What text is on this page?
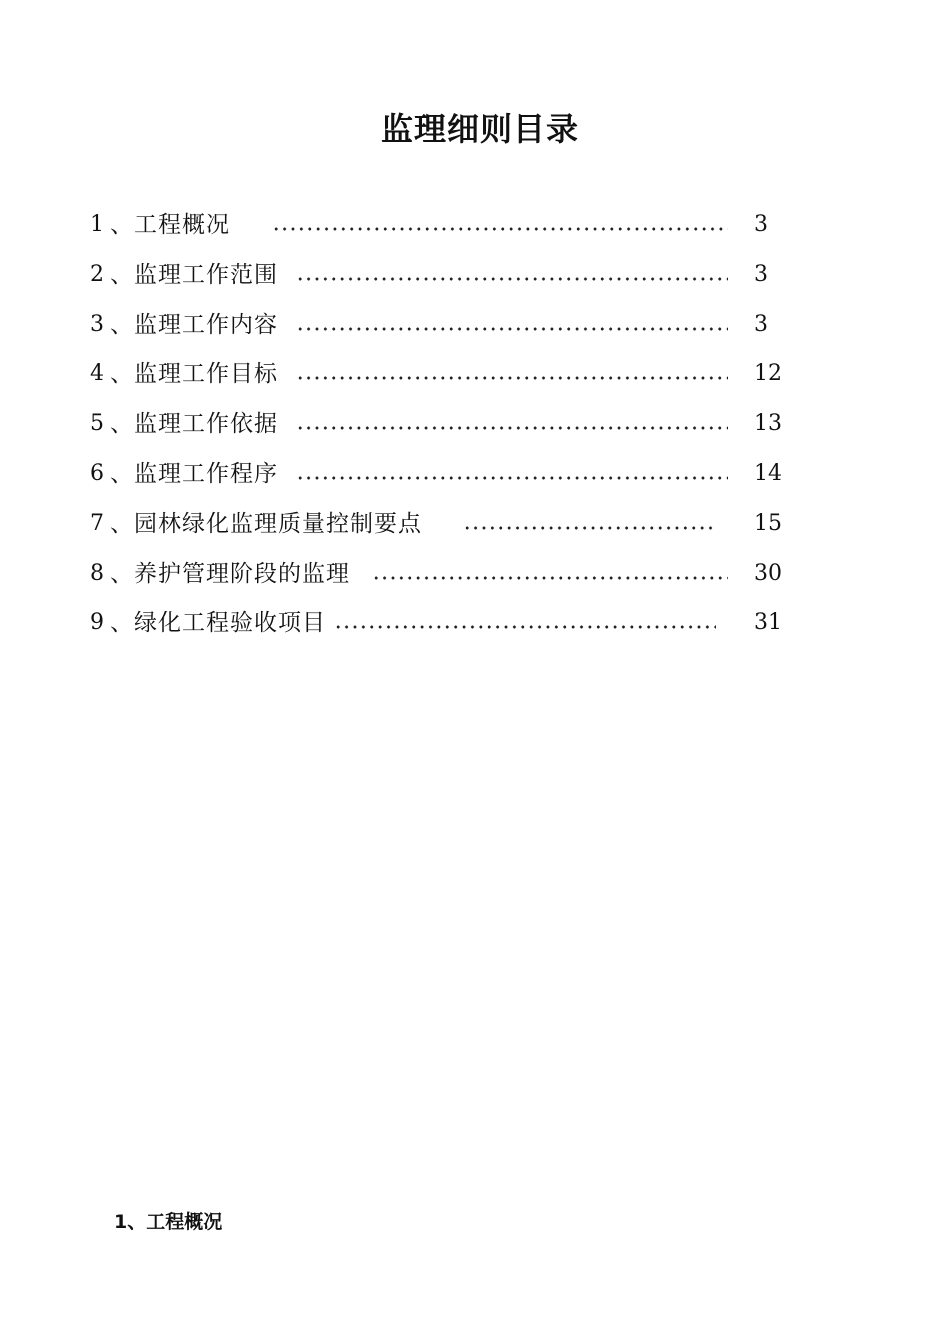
监理细则目录
1 、工程概况	3
2 、监理工作范围	3
3 、监理工作内容	3
4 、监理工作目标	12
5 、监理工作依据	13
6 、监理工作程序	14
7 、园林绿化监理质量控制要点	15
8 、养护管理阶段的监理	30
9 、绿化工程验收项目	31
1、工程概况
